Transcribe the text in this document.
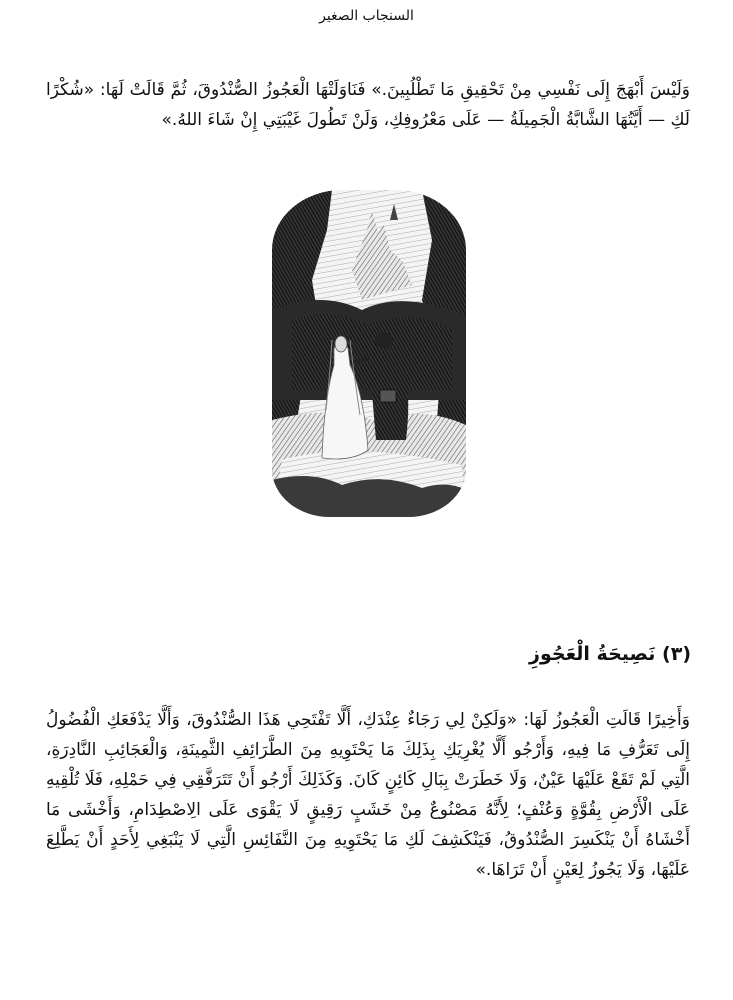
السنجاب الصغير

وَلَيْسَ أَبْهَجَ إِلَى نَفْسِي مِنْ تَحْقِيقِ مَا تَطْلُبِينَ.» فَنَاوَلَتْهَا الْعَجُوزُ الصُّنْدُوقَ، ثُمَّ قَالَتْ لَهَا: «شُكْرًا لَكِ — أَيَّتُهَا الشَّابَّةُ الْجَمِيلَةُ — عَلَى مَعْرُوفِكِ، وَلَنْ تَطُولَ غَيْبَتِي إِنْ شَاءَ اللهُ.»

(٣) نَصِيحَةُ الْعَجُوزِ

وَأَخِيرًا قَالَتِ الْعَجُوزُ لَهَا: «وَلَكِنْ لِي رَجَاءٌ عِنْدَكِ، أَلَّا تَفْتَحِي هَذَا الصُّنْدُوقَ، وَأَلَّا يَدْفَعَكِ الْفُضُولُ إِلَى تَعَرُّفِ مَا فِيهِ، وَأَرْجُو أَلَّا يُغْرِيَكِ بِذَلِكَ مَا يَحْتَوِيهِ مِنَ الطَّرَائِفِ الثَّمِينَةِ، وَالْعَجَائِبِ النَّادِرَةِ، الَّتِي لَمْ تَقَعْ عَلَيْهَا عَيْنٌ، وَلَا خَطَرَتْ بِبَالِ كَائِنٍ كَانَ. وَكَذَلِكَ أَرْجُو أَنْ تَتَرَفَّقِي فِي حَمْلِهِ، فَلَا تُلْقِيهِ عَلَى الْأَرْضِ بِقُوَّةٍ وَعُنْفٍ؛ لِأَنَّهُ مَصْنُوعٌ مِنْ خَشَبٍ رَقِيقٍ لَا يَقْوَى عَلَى الِاصْطِدَامِ، وَأَخْشَى مَا أَخْشَاهُ أَنْ يَنْكَسِرَ الصُّنْدُوقُ، فَيَنْكَشِفَ لَكِ مَا يَحْتَوِيهِ مِنَ النَّفَائِسِ الَّتِي لَا يَنْبَغِي لِأَحَدٍ أَنْ يَطَّلِعَ عَلَيْهَا، وَلَا يَجُوزُ لِعَيْنٍ أَنْ تَرَاهَا.»
